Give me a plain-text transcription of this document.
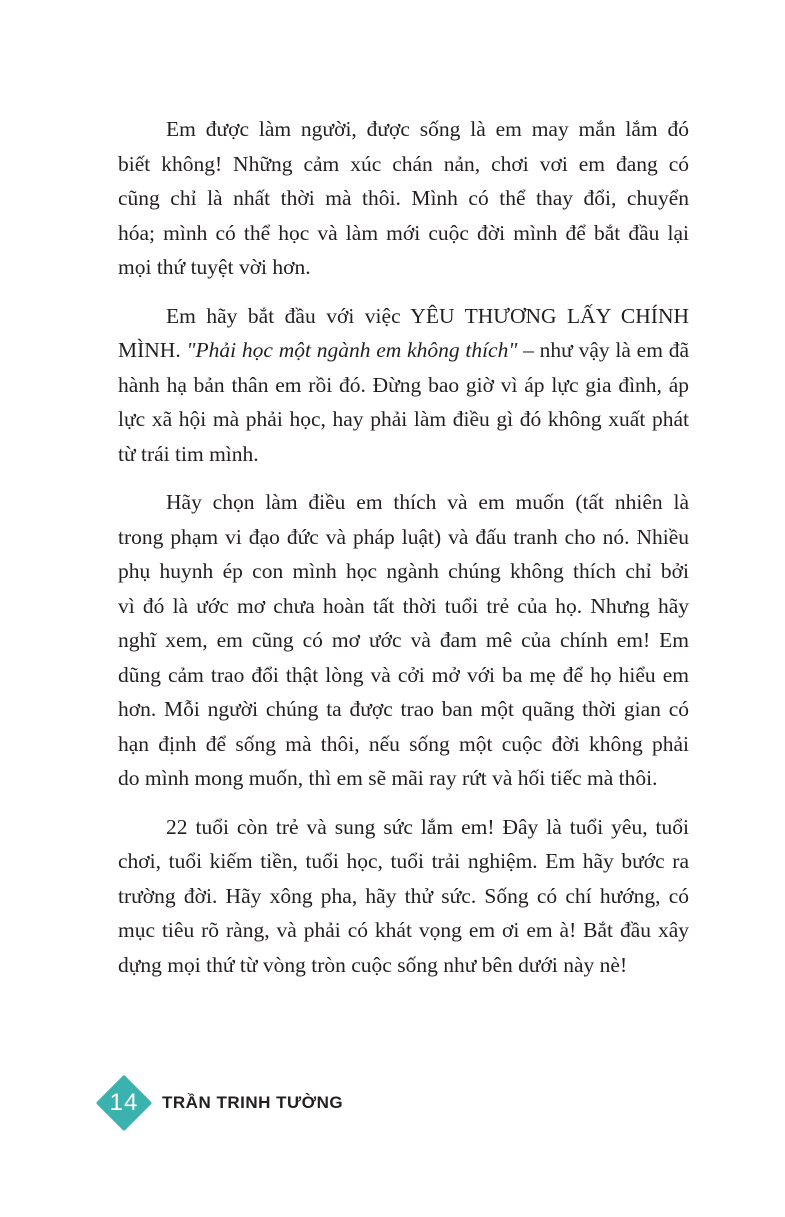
Em được làm người, được sống là em may mắn lắm đó
biết không! Những cảm xúc chán nản, chơi vơi em đang có
cũng chỉ là nhất thời mà thôi. Mình có thể thay đổi, chuyển
hóa; mình có thể học và làm mới cuộc đời mình để bắt đầu lại
mọi thứ tuyệt vời hơn.

Em hãy bắt đầu với việc YÊU THƯƠNG LẤY CHÍNH
MÌNH. "Phải học một ngành em không thích" – như vậy là em đã
hành hạ bản thân em rồi đó. Đừng bao giờ vì áp lực gia đình, áp
lực xã hội mà phải học, hay phải làm điều gì đó không xuất phát
từ trái tim mình.

Hãy chọn làm điều em thích và em muốn (tất nhiên là
trong phạm vi đạo đức và pháp luật) và đấu tranh cho nó. Nhiều
phụ huynh ép con mình học ngành chúng không thích chỉ bởi
vì đó là ước mơ chưa hoàn tất thời tuổi trẻ của họ. Nhưng hãy
nghĩ xem, em cũng có mơ ước và đam mê của chính em! Em
dũng cảm trao đổi thật lòng và cởi mở với ba mẹ để họ hiểu em
hơn. Mỗi người chúng ta được trao ban một quãng thời gian có
hạn định để sống mà thôi, nếu sống một cuộc đời không phải
do mình mong muốn, thì em sẽ mãi ray rứt và hối tiếc mà thôi.

22 tuổi còn trẻ và sung sức lắm em! Đây là tuổi yêu, tuổi
chơi, tuổi kiếm tiền, tuổi học, tuổi trải nghiệm. Em hãy bước ra
trường đời. Hãy xông pha, hãy thử sức. Sống có chí hướng, có
mục tiêu rõ ràng, và phải có khát vọng em ơi em à! Bắt đầu xây
dựng mọi thứ từ vòng tròn cuộc sống như bên dưới này nè!

14	TRẦN TRINH TƯỜNG
